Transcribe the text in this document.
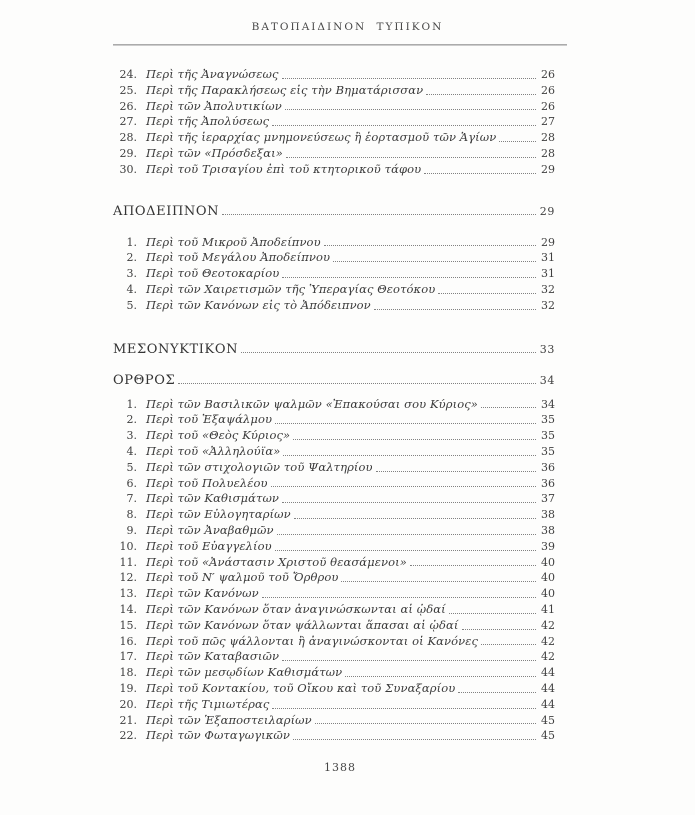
ΒΑΤΟΠΑΙΔΙΝΟΝ ΤΥΠΙΚΟΝ
24. Περὶ τῆς Ἀναγνώσεως	26
25. Περὶ τῆς Παρακλήσεως εἰς τὴν Βηματάρισσαν	26
26. Περὶ τῶν Ἀπολυτικίων	26
27. Περὶ τῆς Ἀπολύσεως	27
28. Περὶ τῆς ἱεραρχίας μνημονεύσεως ἢ ἑορτασμοῦ τῶν Ἁγίων	28
29. Περὶ τῶν «Πρόσδεξαι»	28
30. Περὶ τοῦ Τρισαγίου ἐπὶ τοῦ κτητορικοῦ τάφου	29
ΑΠΟΔΕΙΠΝΟΝ	29
1. Περὶ τοῦ Μικροῦ Ἀποδείπνου	29
2. Περὶ τοῦ Μεγάλου Ἀποδείπνου	31
3. Περὶ τοῦ Θεοτοκαρίου	31
4. Περὶ τῶν Χαιρετισμῶν τῆς Ὑπεραγίας Θεοτόκου	32
5. Περὶ τῶν Κανόνων εἰς τὸ Ἀπόδειπνον	32
ΜΕΣΟΝΥΚΤΙΚΟΝ	33
ΟΡΘΡΟΣ	34
1. Περὶ τῶν Βασιλικῶν ψαλμῶν «Ἐπακούσαι σου Κύριος»	34
2. Περὶ τοῦ Ἑξαψάλμου	35
3. Περὶ τοῦ «Θεὸς Κύριος»	35
4. Περὶ τοῦ «Ἀλληλούϊα»	35
5. Περὶ τῶν στιχολογιῶν τοῦ Ψαλτηρίου	36
6. Περὶ τοῦ Πολυελέου	36
7. Περὶ τῶν Καθισμάτων	37
8. Περὶ τῶν Εὐλογηταρίων	38
9. Περὶ τῶν Ἀναβαθμῶν	38
10. Περὶ τοῦ Εὐαγγελίου	39
11. Περὶ τοῦ «Ἀνάστασιν Χριστοῦ θεασάμενοι»	40
12. Περὶ τοῦ Ν′ ψαλμοῦ τοῦ Ὄρθρου	40
13. Περὶ τῶν Κανόνων	40
14. Περὶ τῶν Κανόνων ὅταν ἀναγινώσκωνται αἱ ᾠδαί	41
15. Περὶ τῶν Κανόνων ὅταν ψάλλωνται ἅπασαι αἱ ᾠδαί	42
16. Περὶ τοῦ πῶς ψάλλονται ἢ ἀναγινώσκονται οἱ Κανόνες	42
17. Περὶ τῶν Καταβασιῶν	42
18. Περὶ τῶν μεσῳδίων Καθισμάτων	44
19. Περὶ τοῦ Κοντακίου, τοῦ Οἴκου καὶ τοῦ Συναξαρίου	44
20. Περὶ τῆς Τιμιωτέρας	44
21. Περὶ τῶν Ἑξαποστειλαρίων	45
22. Περὶ τῶν Φωταγωγικῶν	45
1388
